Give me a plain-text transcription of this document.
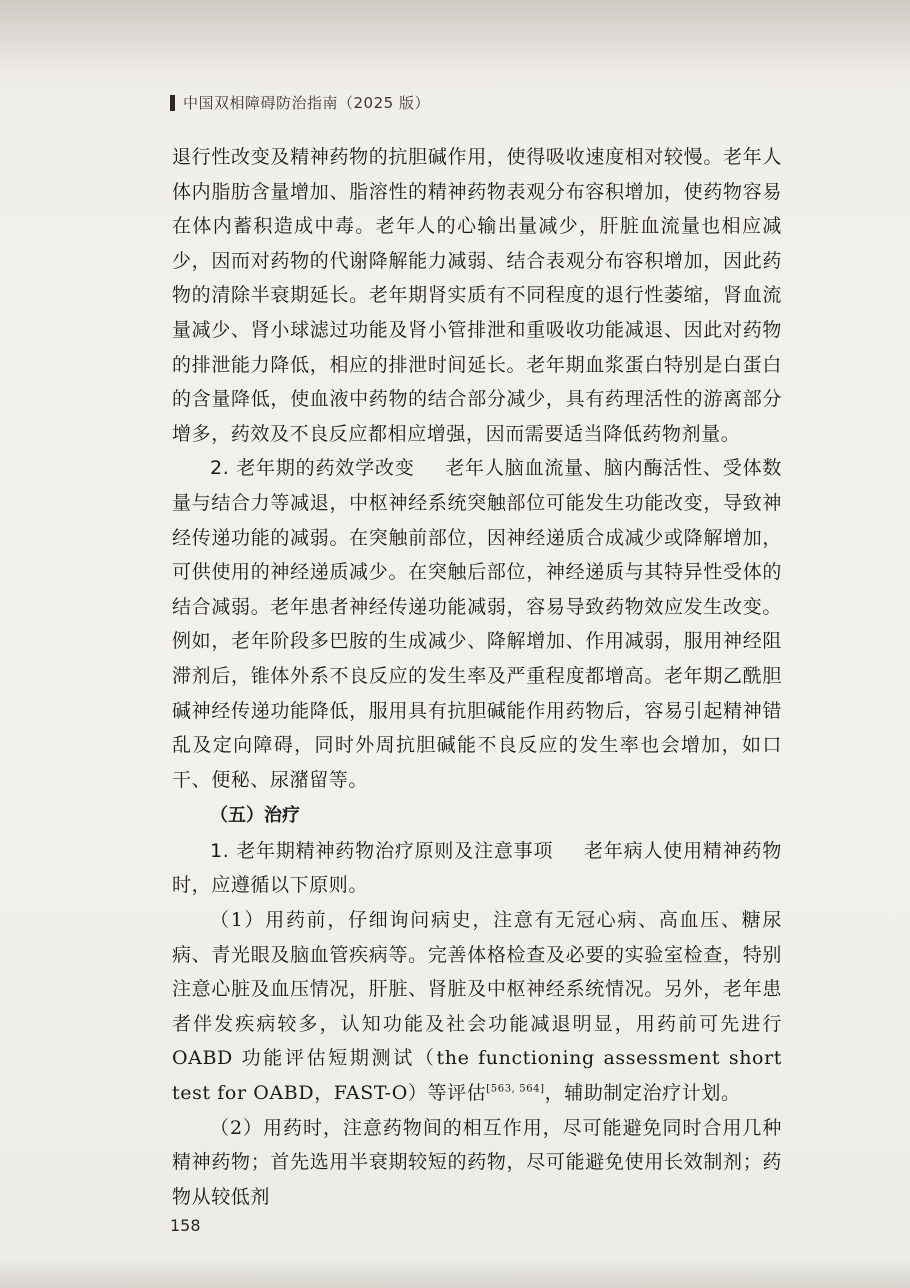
中国双相障碍防治指南（2025 版）

退行性改变及精神药物的抗胆碱作用，使得吸收速度相对较慢。老年人体内脂肪含量增加、脂溶性的精神药物表观分布容积增加，使药物容易在体内蓄积造成中毒。老年人的心输出量减少，肝脏血流量也相应减少，因而对药物的代谢降解能力减弱、结合表观分布容积增加，因此药物的清除半衰期延长。老年期肾实质有不同程度的退行性萎缩，肾血流量减少、肾小球滤过功能及肾小管排泄和重吸收功能减退、因此对药物的排泄能力降低，相应的排泄时间延长。老年期血浆蛋白特别是白蛋白的含量降低，使血液中药物的结合部分减少，具有药理活性的游离部分增多，药效及不良反应都相应增强，因而需要适当降低药物剂量。

2. 老年期的药效学改变 老年人脑血流量、脑内酶活性、受体数量与结合力等减退，中枢神经系统突触部位可能发生功能改变，导致神经传递功能的减弱。在突触前部位，因神经递质合成减少或降解增加，可供使用的神经递质减少。在突触后部位，神经递质与其特异性受体的结合减弱。老年患者神经传递功能减弱，容易导致药物效应发生改变。例如，老年阶段多巴胺的生成减少、降解增加、作用减弱，服用神经阻滞剂后，锥体外系不良反应的发生率及严重程度都增高。老年期乙酰胆碱神经传递功能降低，服用具有抗胆碱能作用药物后，容易引起精神错乱及定向障碍，同时外周抗胆碱能不良反应的发生率也会增加，如口干、便秘、尿潴留等。

（五）治疗

1. 老年期精神药物治疗原则及注意事项 老年病人使用精神药物时，应遵循以下原则。

（1）用药前，仔细询问病史，注意有无冠心病、高血压、糖尿病、青光眼及脑血管疾病等。完善体格检查及必要的实验室检查，特别注意心脏及血压情况，肝脏、肾脏及中枢神经系统情况。另外，老年患者伴发疾病较多，认知功能及社会功能减退明显，用药前可先进行 OABD 功能评估短期测试（the functioning assessment short test for OABD，FAST-O）等评估[563, 564]，辅助制定治疗计划。

（2）用药时，注意药物间的相互作用，尽可能避免同时合用几种精神药物；首先选用半衰期较短的药物，尽可能避免使用长效制剂；药物从较低剂

158
